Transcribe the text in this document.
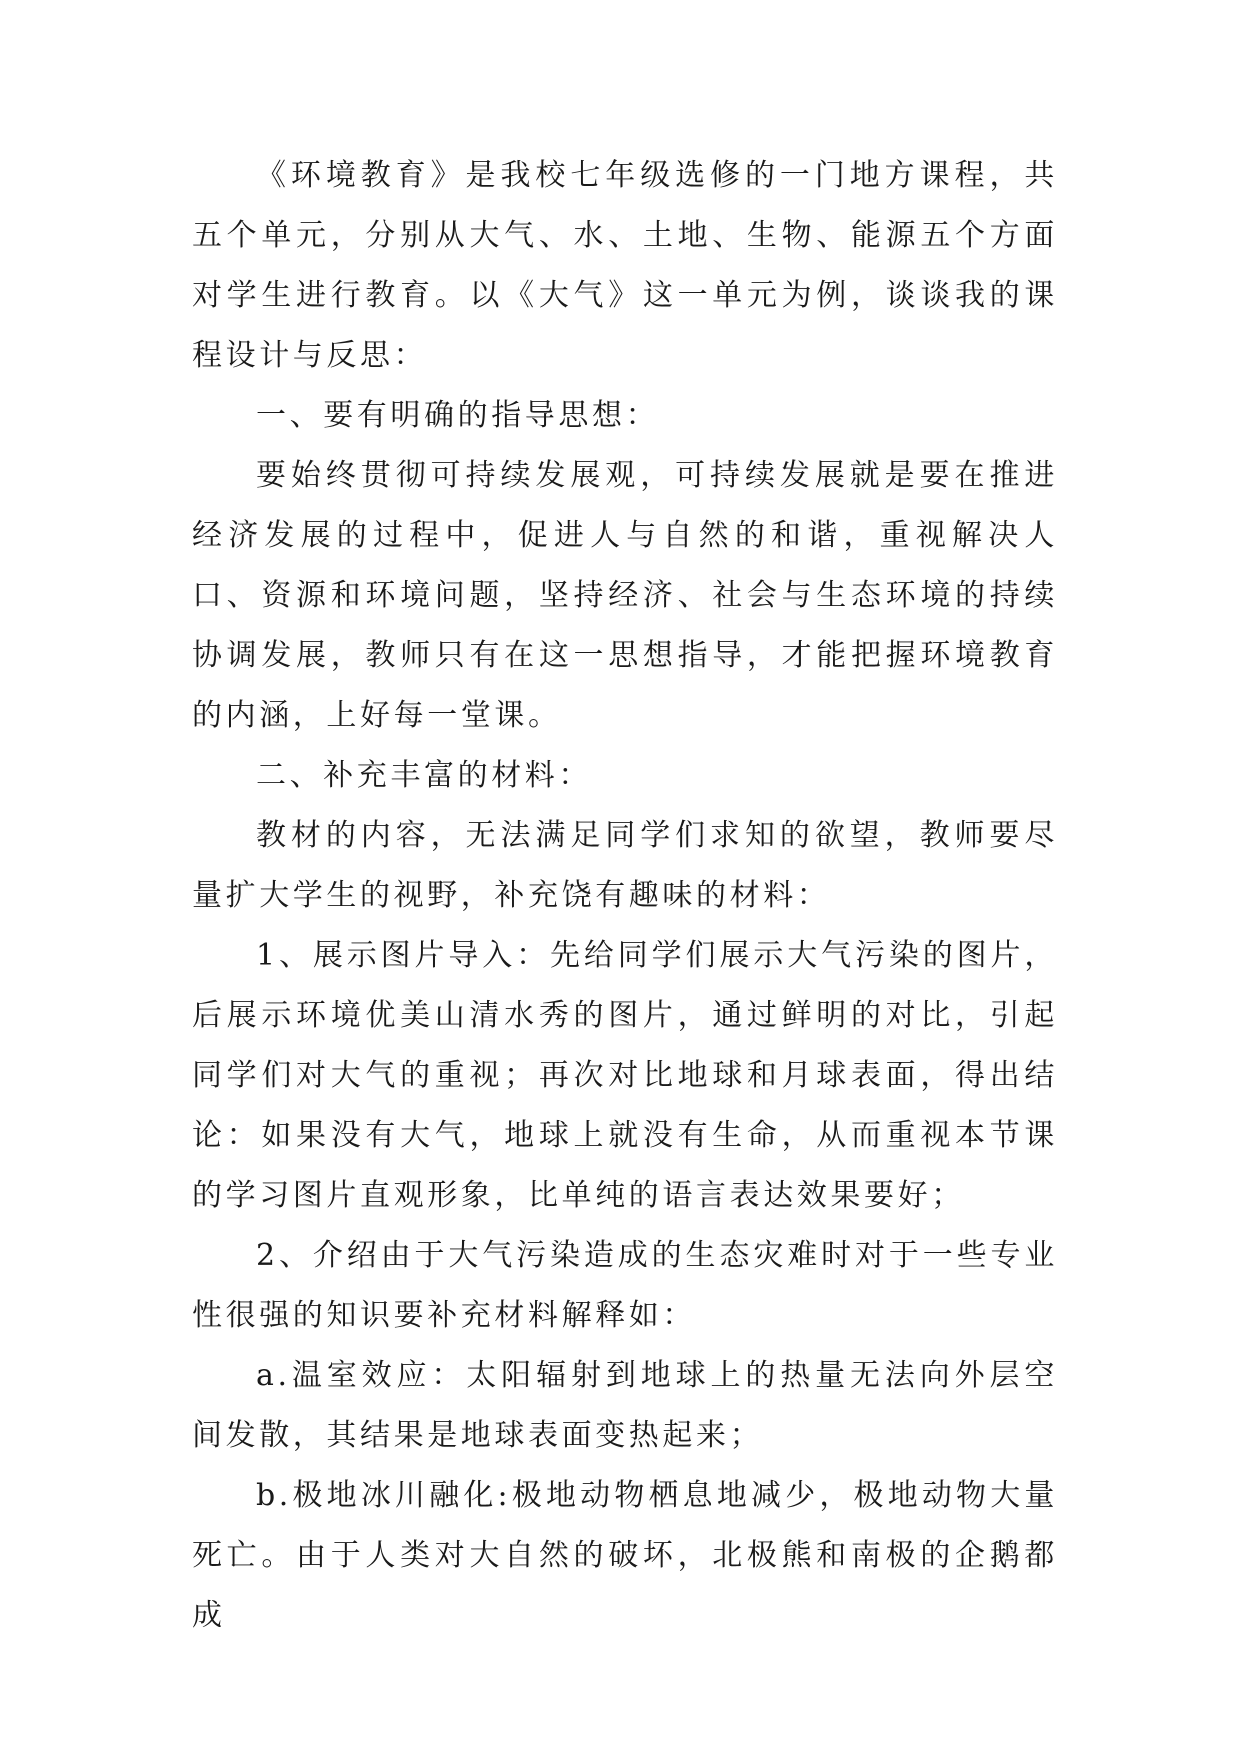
《环境教育》是我校七年级选修的一门地方课程，共五个单元，分别从大气、水、土地、生物、能源五个方面对学生进行教育。以《大气》这一单元为例，谈谈我的课程设计与反思：

一、要有明确的指导思想：

要始终贯彻可持续发展观，可持续发展就是要在推进经济发展的过程中，促进人与自然的和谐，重视解决人口、资源和环境问题，坚持经济、社会与生态环境的持续协调发展，教师只有在这一思想指导，才能把握环境教育的内涵，上好每一堂课。

二、补充丰富的材料：

教材的内容，无法满足同学们求知的欲望，教师要尽量扩大学生的视野，补充饶有趣味的材料：

1、展示图片导入：先给同学们展示大气污染的图片，后展示环境优美山清水秀的图片，通过鲜明的对比，引起同学们对大气的重视；再次对比地球和月球表面，得出结论：如果没有大气，地球上就没有生命，从而重视本节课的学习图片直观形象，比单纯的语言表达效果要好；

2、介绍由于大气污染造成的生态灾难时对于一些专业性很强的知识要补充材料解释如：

a.温室效应：太阳辐射到地球上的热量无法向外层空间发散，其结果是地球表面变热起来；

b.极地冰川融化:极地动物栖息地减少，极地动物大量死亡。由于人类对大自然的破坏，北极熊和南极的企鹅都成
